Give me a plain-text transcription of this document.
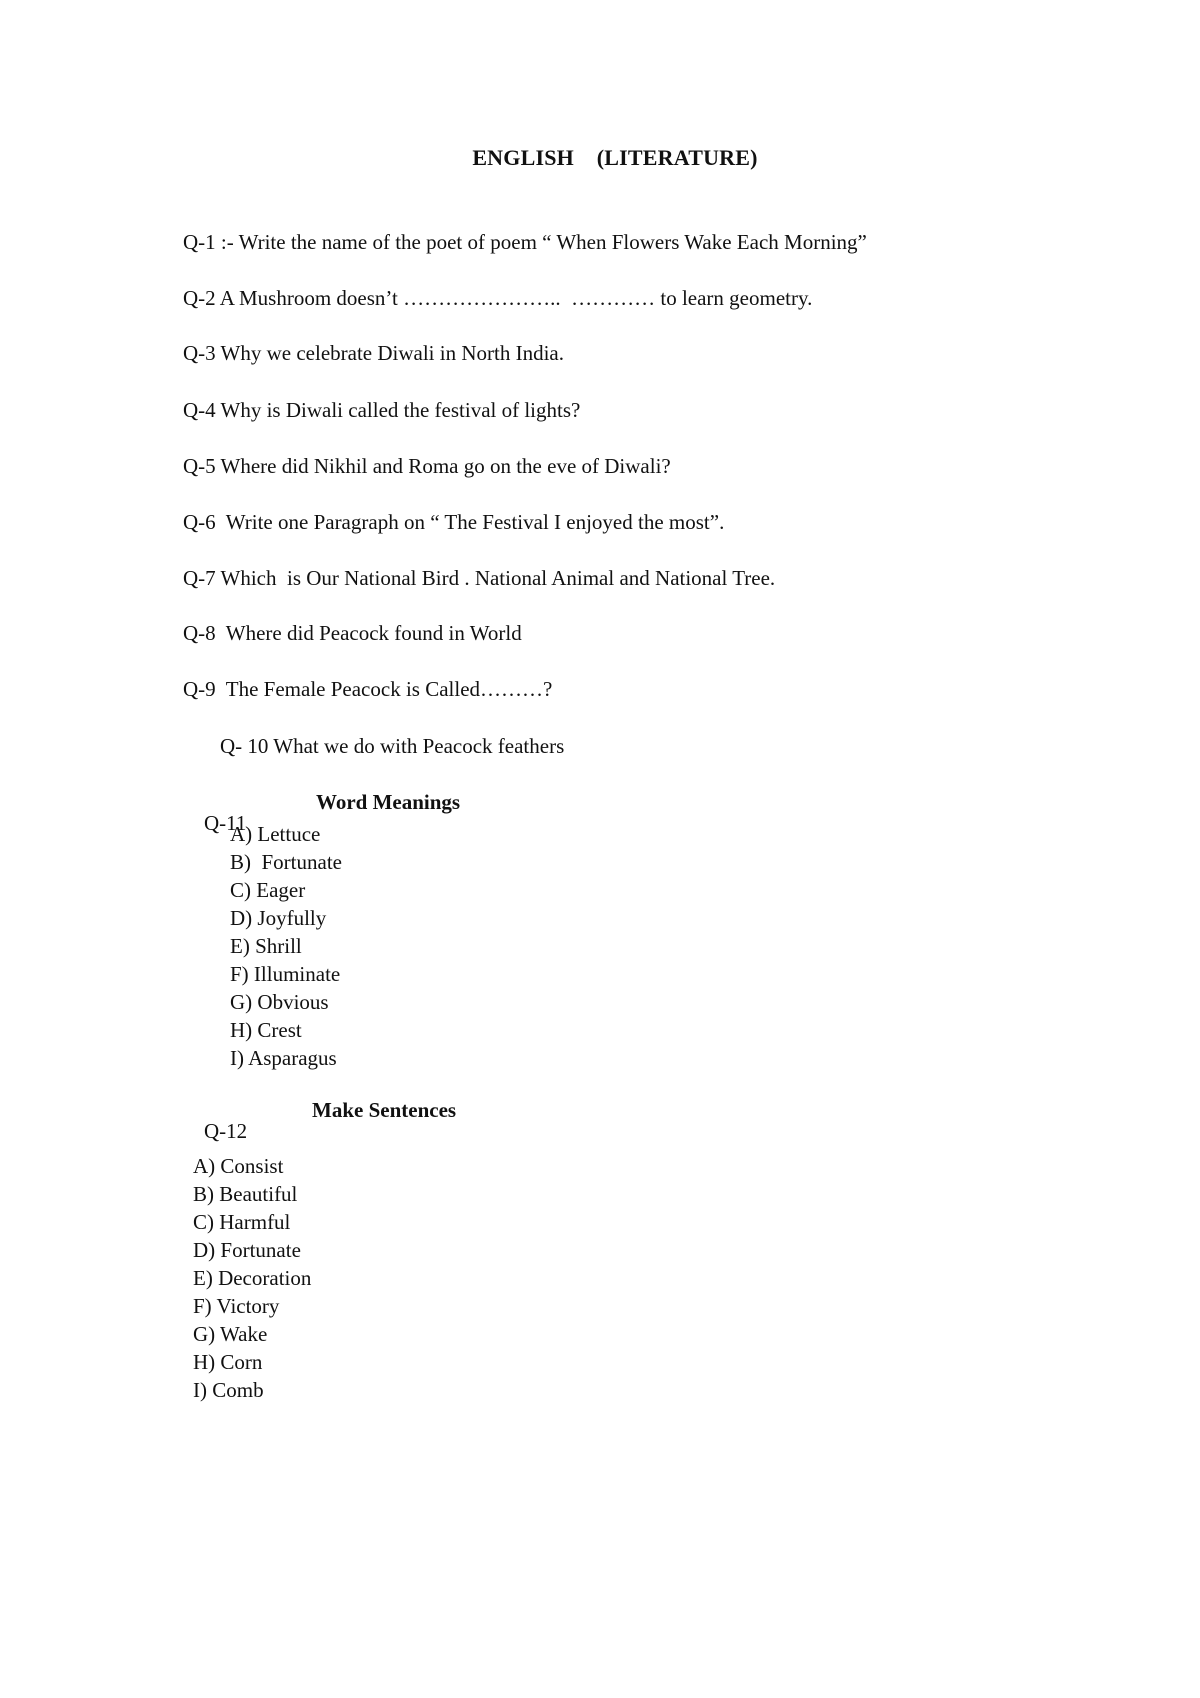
ENGLISH    (LITERATURE)
Q-1 :- Write the name of the poet of poem “ When Flowers Wake Each Morning”
Q-2 A Mushroom doesn’t …………………..  ………… to learn geometry.
Q-3 Why we celebrate Diwali in North India.
Q-4 Why is Diwali called the festival of lights?
Q-5 Where did Nikhil and Roma go on the eve of Diwali?
Q-6  Write one Paragraph on “ The Festival I enjoyed the most”.
Q-7 Which  is Our National Bird . National Animal and National Tree.
Q-8  Where did Peacock found in World
Q-9  The Female Peacock is Called………?
Q- 10 What we do with Peacock feathers

Q-11

Word Meanings

A) Lettuce
B)  Fortunate
C) Eager
D) Joyfully
E) Shrill
F) Illuminate
G) Obvious
H) Crest
I) Asparagus

Q-12

Make Sentences

A) Consist
B) Beautiful
C) Harmful
D) Fortunate
E) Decoration
F) Victory
G) Wake
H) Corn
I) Comb
